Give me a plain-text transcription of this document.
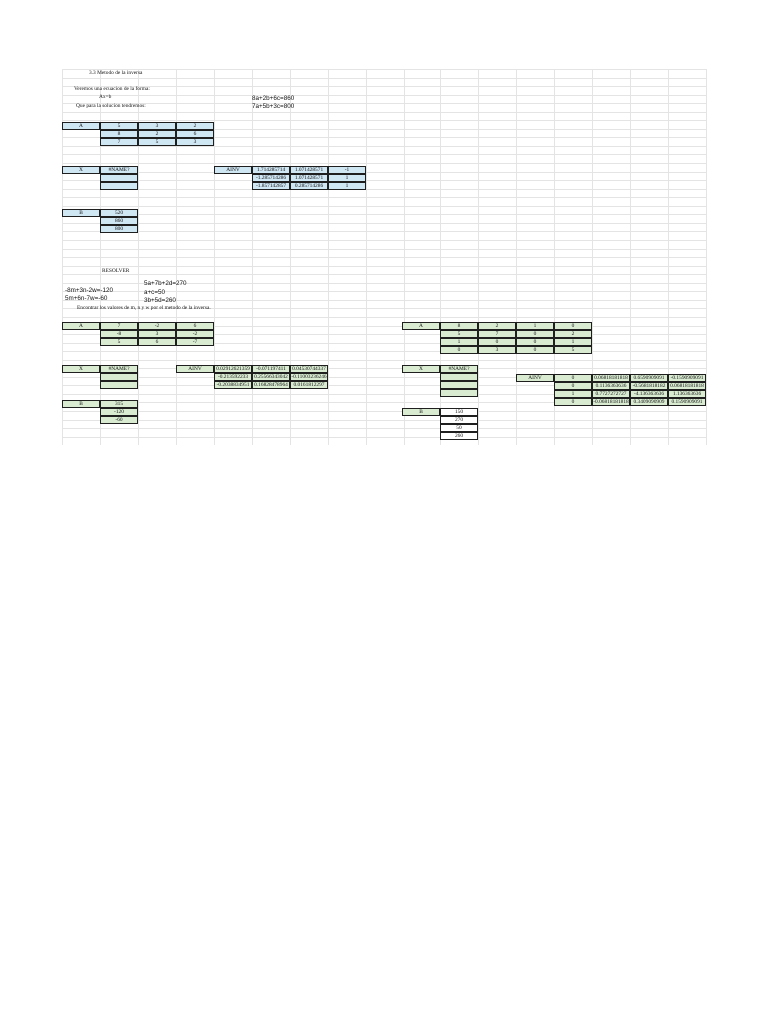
3.3 Metodo de la inversa
Veremos una ecuacion de la forma:
Ax=b
Que para la solucion tendremos:
8a+2b+6c=860
7a+5b+3c=800
RESOLVER
5a+7b+2d=270
a+c=50
3b+5d=260
-8m+3n-2w=-120
5m+6n-7w=-60
Encontrar los valores de m, n y w por el metodo de la inversa.
A	5	3	2
8	2	6
7	5	3
X	#NAME?	AINV	1.714285714	1.071428571	-1
-1.285714286	1.071428571	1
-1.857142857	0.285714286	1
B	520
860
800
A	7	-2	6
-8	3	-2
5	6	-7
X	#NAME?	AINV	0.02912621359	-0.071197411	0.04530744337
-0.213592233	0.25566343042 -0.11003236246
-0.2038834951 0.16828478964	0.0161812297
B	315
-120
-60
A	8	2	1	0
5	7	0	2
1	0	0	1
0	3	0	5
X	#NAME?
AINV	0	0.06818181818	0.6590909091	-0.1590909091
0	0.1136363636	-0.5681818182 0.06818181818
1	0.7727272727	-4.136363636	1.136363636
0	-0.06818181818 0.3409090909	0.1590909091
B	150
270
50
260
